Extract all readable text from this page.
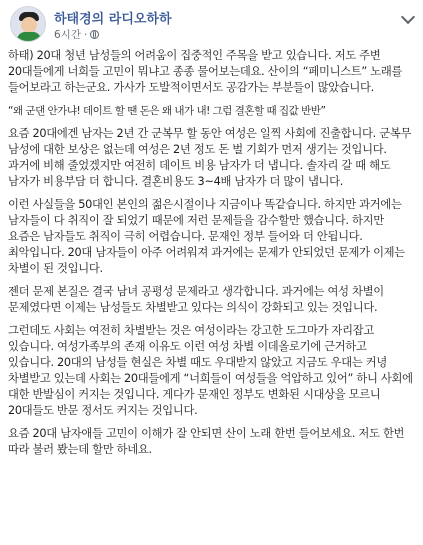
하태경의 라디오하하
6시간 ·

하태) 20대 청년 남성들의 어려움이 집중적인 주목을 받고 있습니다. 저도 주변 20대들에게 너희들 고민이 뭐냐고 종종 물어보는데요. 산이의 “페미니스트” 노래를 들어보라고 하는군요. 가사가 도발적이면서도 공감가는 부분들이 많았습니다.

“왜 군댄 안가냐! 데이트 할 땐 돈은 왜 내가 내! 그럼 결혼할 때 집값 반반”

요즘 20대에겐 남자는 2년 간 군복무 할 동안 여성은 일찍 사회에 진출합니다. 군복무 남성에 대한 보상은 없는데 여성은 2년 정도 돈 벌 기회가 먼저 생기는 것입니다. 과거에 비해 줄었겠지만 여전히 데이트 비용 남자가 더 냅니다. 솔자리 갈 때 해도 남자가 비용부담 더 합니다. 결혼비용도 3~4배 남자가 더 많이 냅니다.

이런 사실들을 50대인 본인의 젊은시절이나 지금이나 똑같습니다. 하지만 과거에는 남자들이 다 취직이 잘 되었기 때문에 저런 문제들을 감수할만 했습니다. 하지만 요즘은 남자들도 취직이 극히 어렵습니다. 문재인 정부 들어와 더 안됩니다. 최악입니다. 20대 남자들이 아주 어려워져 과거에는 문제가 안되었던 문제가 이제는 차별이 된 것입니다.

젠더 문제 본질은 결국 남녀 공평성 문제라고 생각합니다. 과거에는 여성 차별이 문제였다면 이제는 남성들도 차별받고 있다는 의식이 강화되고 있는 것입니다.

그런데도 사회는 여전히 차별받는 것은 여성이라는 강고한 도그마가 자리잡고 있습니다. 여성가족부의 존재 이유도 이런 여성 차별 이데올로기에 근거하고 있습니다. 20대의 남성들 현실은 차별 때도 우대받지 않았고 지금도 우대는 커녕 차별받고 있는데 사회는 20대들에게 “너희들이 여성들을 억압하고 있어” 하니 사회에 대한 반발심이 커지는 것입니다. 게다가 문재인 정부도 변화된 시대상을 모르니 20대들도 반문 정서도 커지는 것입니다.

요즘 20대 남자애들 고민이 이해가 잘 안되면 산이 노래 한번 들어보세요. 저도 한번 따라 불러 봤는데 할만 하네요.
